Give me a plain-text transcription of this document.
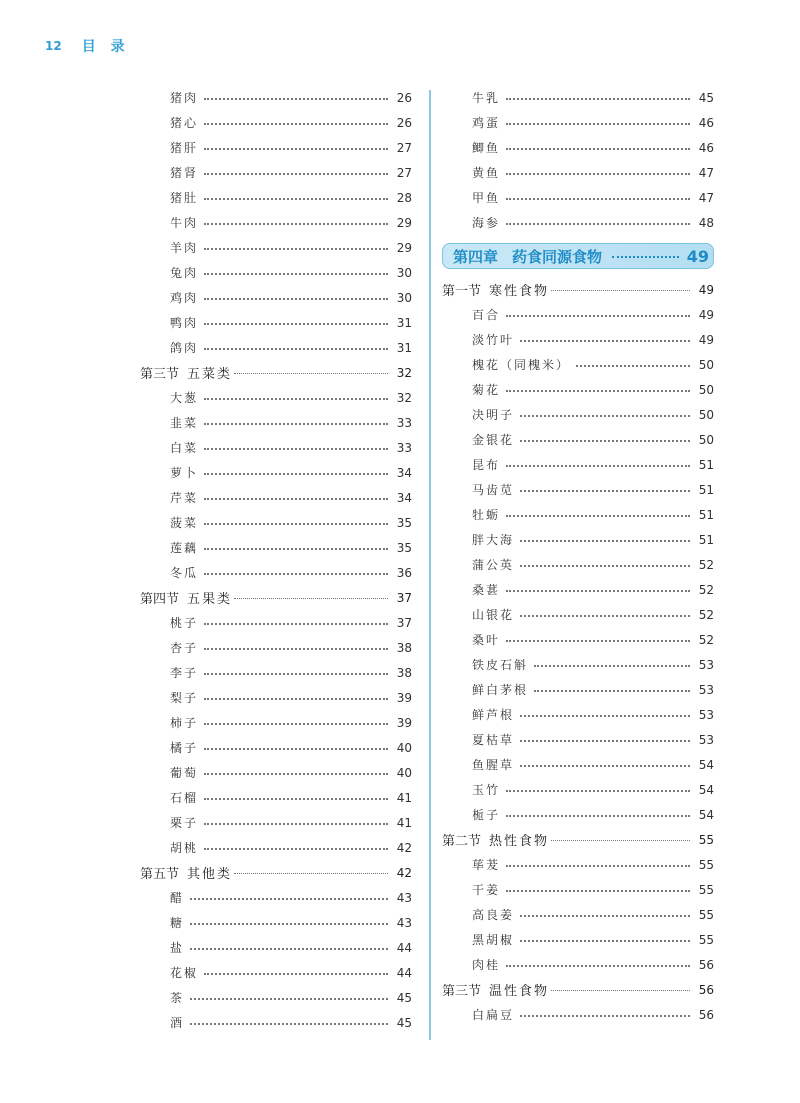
12 目 录
猪肉	26
猪心	26
猪肝	27
猪肾	27
猪肚	28
牛肉	29
羊肉	29
兔肉	30
鸡肉	30
鸭肉	31
鸽肉	31
第三节 五菜类	32
大葱	32
韭菜	33
白菜	33
萝卜	34
芹菜	34
菠菜	35
莲藕	35
冬瓜	36
第四节 五果类	37
桃子	37
杏子	38
李子	38
梨子	39
柿子	39
橘子	40
葡萄	40
石榴	41
栗子	41
胡桃	42
第五节 其他类	42
醋	43
糖	43
盐	44
花椒	44
茶	45
酒	45
牛乳	45
鸡蛋	46
鲫鱼	46
黄鱼	47
甲鱼	47
海参	48
第四章 药食同源食物	49
第一节 寒性食物	49
百合	49
淡竹叶	49
槐花（同槐米）	50
菊花	50
决明子	50
金银花	50
昆布	51
马齿苋	51
牡蛎	51
胖大海	51
蒲公英	52
桑葚	52
山银花	52
桑叶	52
铁皮石斛	53
鲜白茅根	53
鲜芦根	53
夏枯草	53
鱼腥草	54
玉竹	54
栀子	54
第二节 热性食物	55
荜茇	55
干姜	55
高良姜	55
黑胡椒	55
肉桂	56
第三节 温性食物	56
白扁豆	56
